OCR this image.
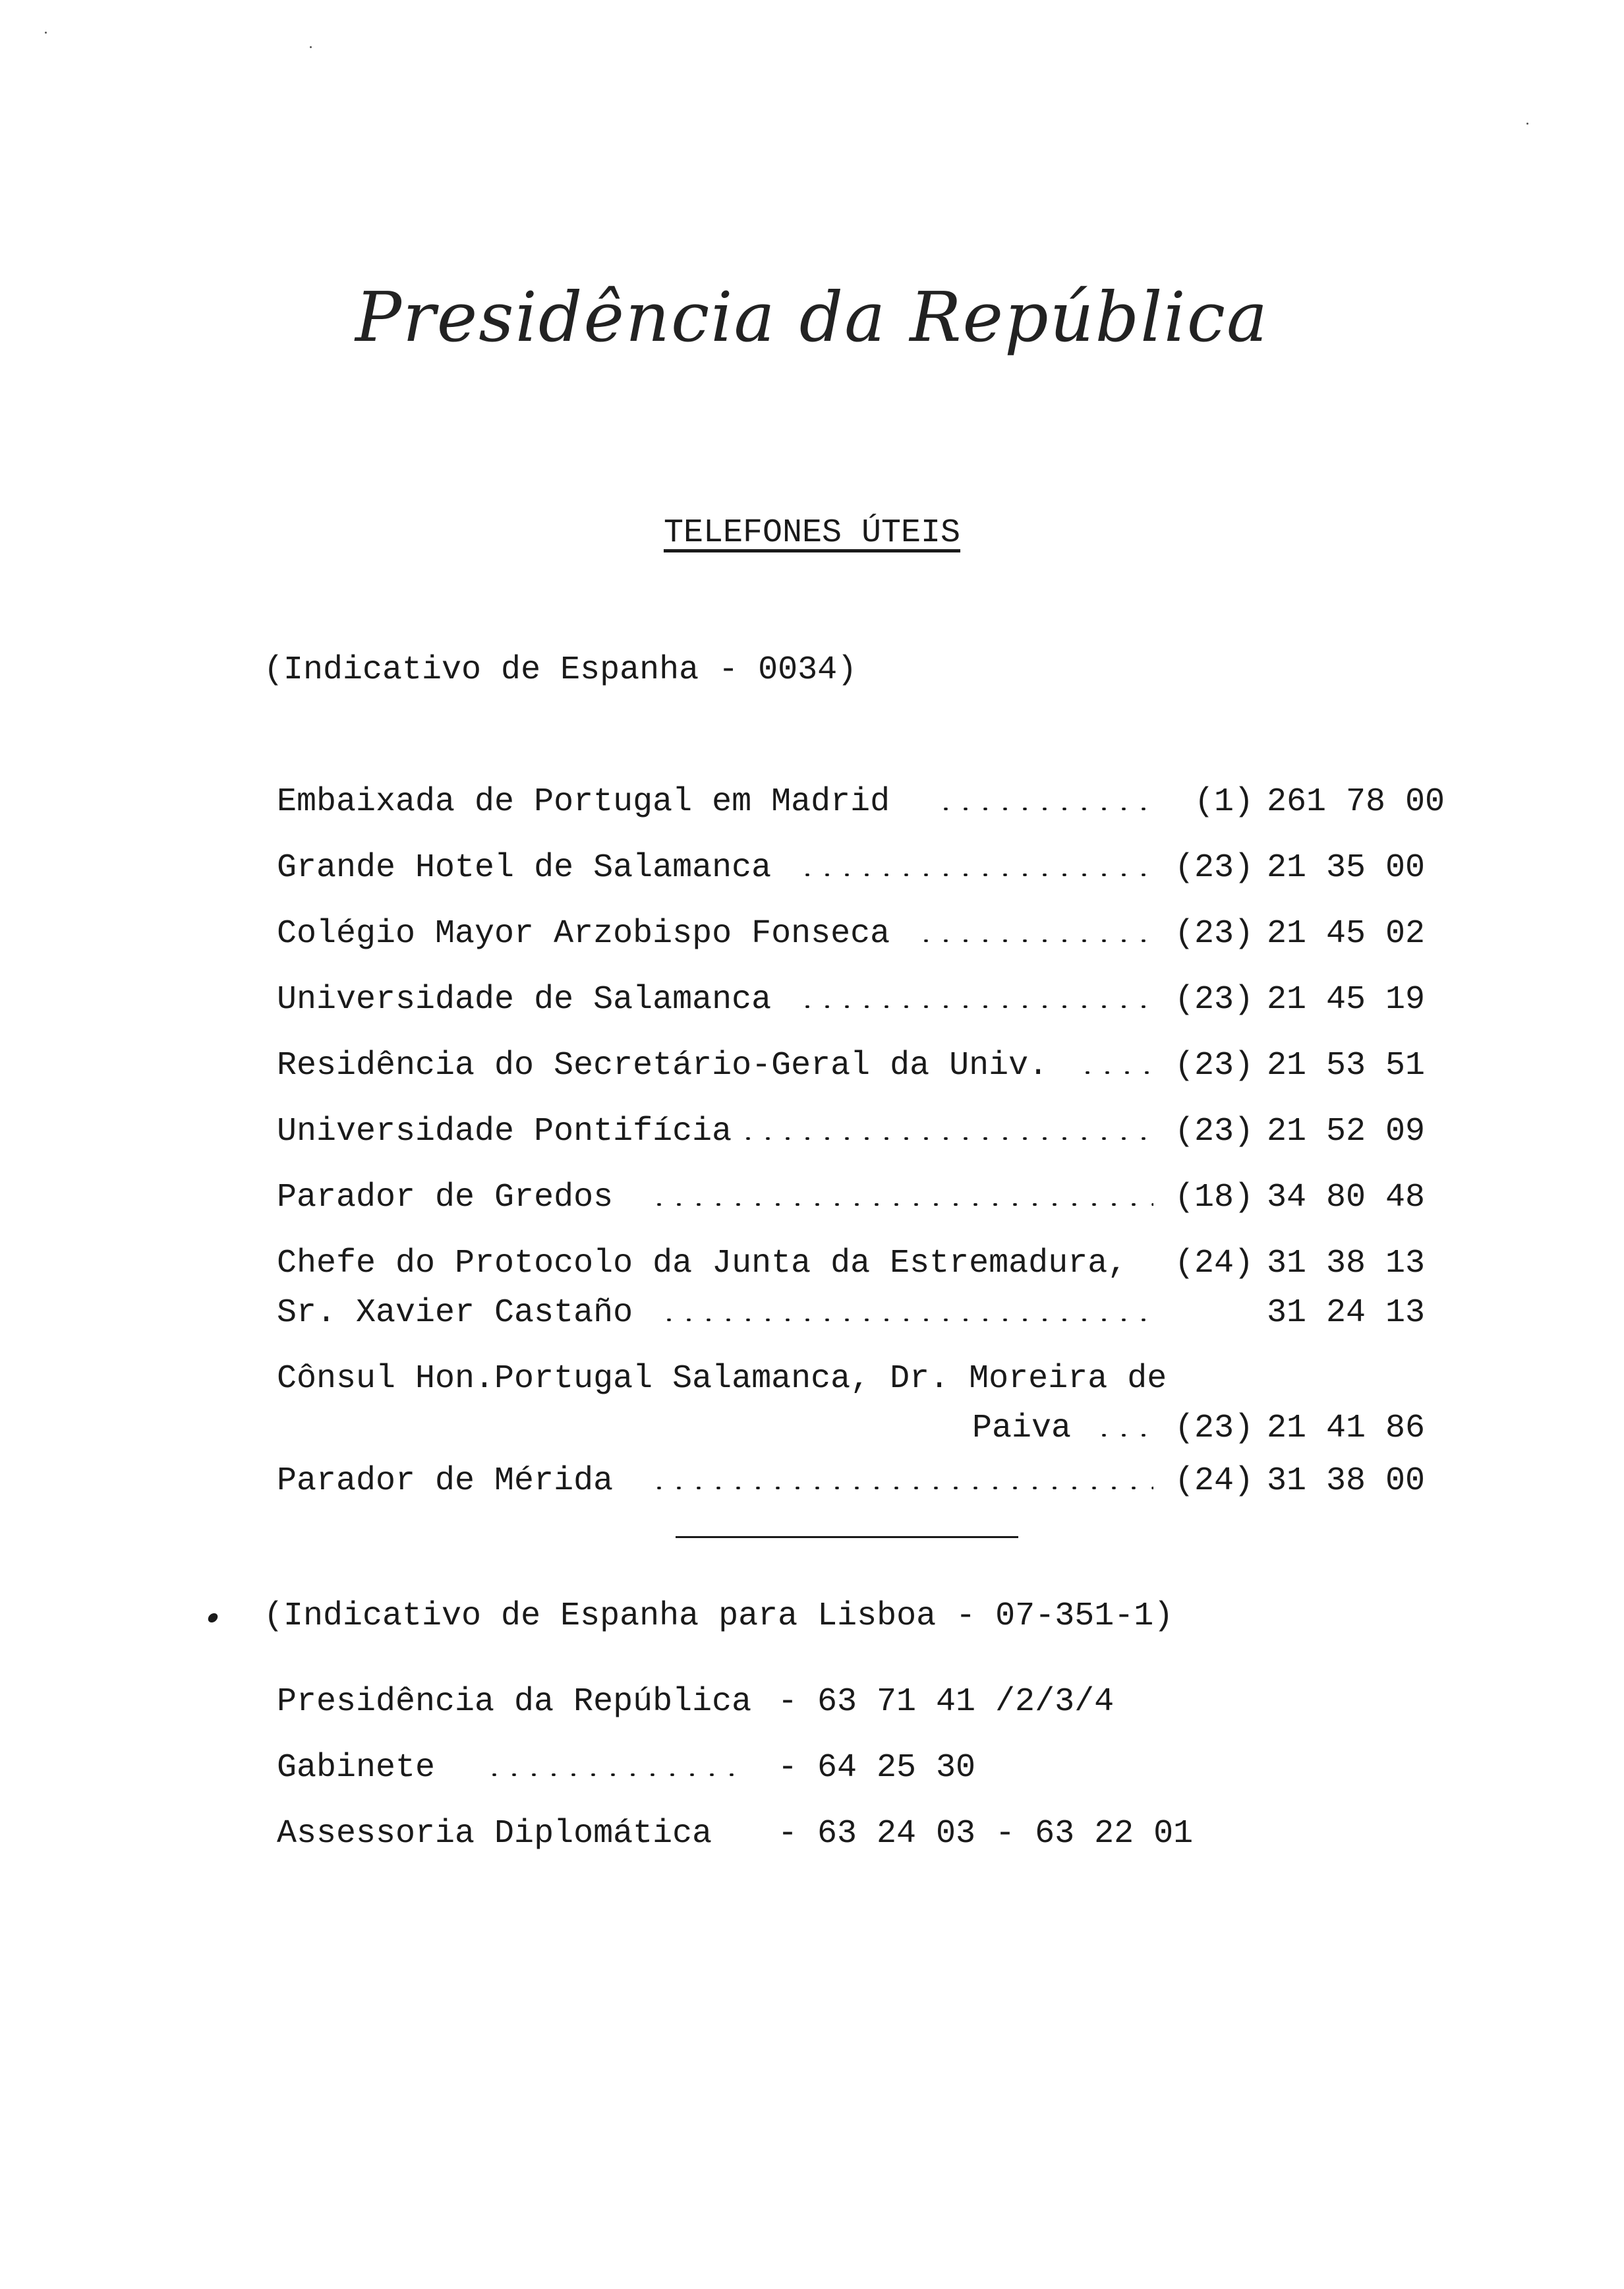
Presidência da República
TELEFONES ÚTEIS
(Indicativo de Espanha - 0034)
Embaixada de Portugal em Madrid	(1) 261 78 00
Grande Hotel de Salamanca	(23) 21 35 00
Colégio Mayor Arzobispo Fonseca	(23) 21 45 02
Universidade de Salamanca	(23) 21 45 19
Residência do Secretário-Geral da Univ.	(23) 21 53 51
Universidade Pontifícia	(23) 21 52 09
Parador de Gredos	(18) 34 80 48
Chefe do Protocolo da Junta da Estremadura, (24) 31 38 13
Sr. Xavier Castaño	31 24 13
Cônsul Hon.Portugal Salamanca, Dr. Moreira de
Paiva	(23) 21 41 86
Parador de Mérida	(24) 31 38 00
(Indicativo de Espanha para Lisboa - 07-351-1)
Presidência da República - 63 71 41 /2/3/4
Gabinete	- 64 25 30
Assessoria Diplomática - 63 24 03 - 63 22 01
